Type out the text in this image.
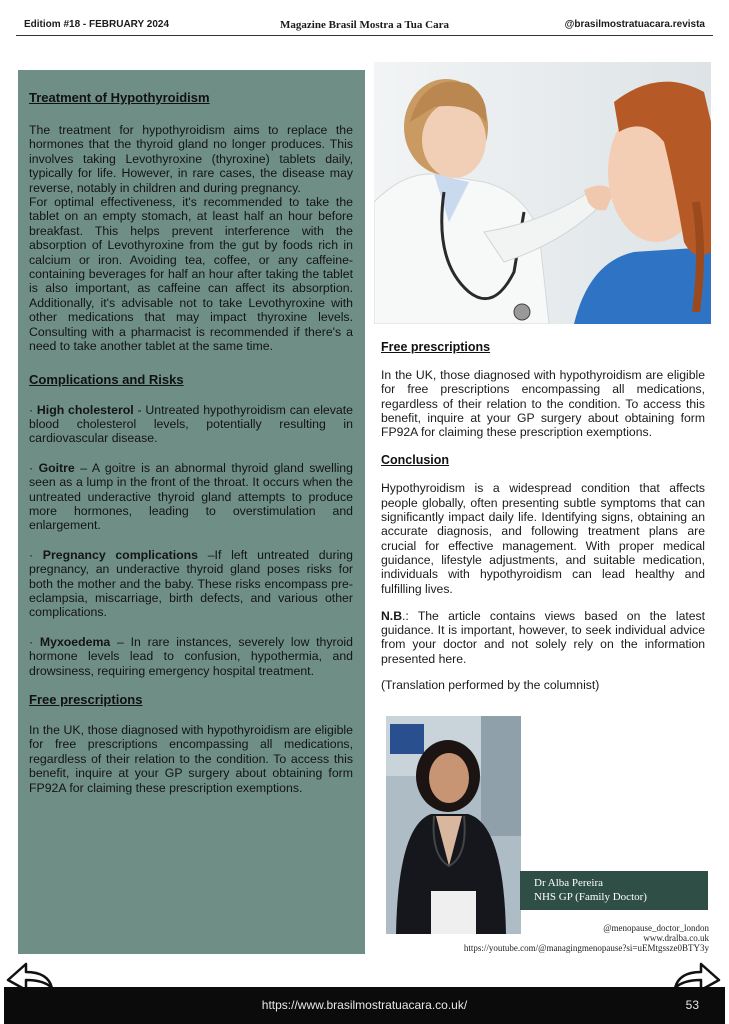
Editiom #18 - FEBRUARY 2024	Magazine Brasil Mostra a Tua Cara	@brasilmostratuacara.revista
Treatment of Hypothyroidism

The treatment for hypothyroidism aims to replace the hormones that the thyroid gland no longer produces. This involves taking Levothyroxine (thyroxine) tablets daily, typically for life. However, in rare cases, the disease may reverse, notably in children and during pregnancy.

For optimal effectiveness, it's recommended to take the tablet on an empty stomach, at least half an hour before breakfast. This helps prevent interference with the absorption of Levothyroxine from the gut by foods rich in calcium or iron. Avoiding tea, coffee, or any caffeine-containing beverages for half an hour after taking the tablet is also important, as caffeine can affect its absorption. Additionally, it's advisable not to take Levothyroxine with other medications that may impact thyroxine levels. Consulting with a pharmacist is recommended if there's a need to take another tablet at the same time.

Complications and Risks

· High cholesterol - Untreated hypothyroidism can elevate blood cholesterol levels, potentially resulting in cardiovascular disease.

· Goitre – A goitre is an abnormal thyroid gland swelling seen as a lump in the front of the throat. It occurs when the untreated underactive thyroid gland attempts to produce more hormones, leading to overstimulation and enlargement.

· Pregnancy complications –If left untreated during pregnancy, an underactive thyroid gland poses risks for both the mother and the baby. These risks encompass pre-eclampsia, miscarriage, birth defects, and various other complications.

· Myxoedema – In rare instances, severely low thyroid hormone levels lead to confusion, hypothermia, and drowsiness, requiring emergency hospital treatment.

Free prescriptions

In the UK, those diagnosed with hypothyroidism are eligible for free prescriptions encompassing all medications, regardless of their relation to the condition. To access this benefit, inquire at your GP surgery about obtaining form FP92A for claiming these prescription exemptions.

Free prescriptions

In the UK, those diagnosed with hypothyroidism are eligible for free prescriptions encompassing all medications, regardless of their relation to the condition. To access this benefit, inquire at your GP surgery about obtaining form FP92A for claiming these prescription exemptions.

Conclusion

Hypothyroidism is a widespread condition that affects people globally, often presenting subtle symptoms that can significantly impact daily life. Identifying signs, obtaining an accurate diagnosis, and following treatment plans are crucial for effective management. With proper medical guidance, lifestyle adjustments, and suitable medication, individuals with hypothyroidism can lead healthy and fulfilling lives.

N.B.: The article contains views based on the latest guidance. It is important, however, to seek individual advice from your doctor and not solely rely on the information presented here.

(Translation performed by the columnist)

Dr Alba Pereira
NHS GP (Family Doctor)
@menopause_doctor_london
www.dralba.co.uk
https://youtube.com/@managingmenopause?si=uEMtgssze0BTY3y
https://www.brasilmostratuacara.co.uk/	53
